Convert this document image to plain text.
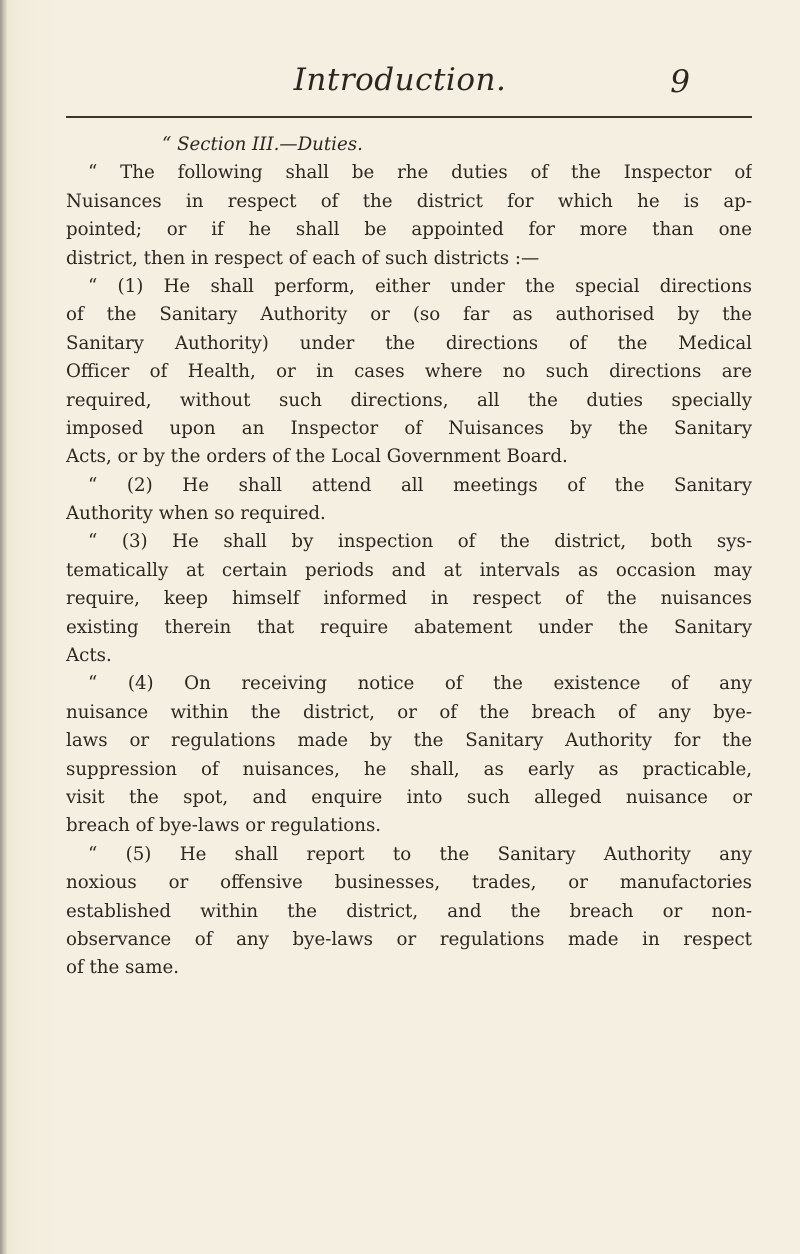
Introduction.	9
“ Section III.—Duties.
“ The following shall be rhe duties of the Inspector of
Nuisances in respect of the district for which he is ap-
pointed; or if he shall be appointed for more than one
district, then in respect of each of such districts :—
“ (1) He shall perform, either under the special directions
of the Sanitary Authority or (so far as authorised by the
Sanitary Authority) under the directions of the Medical
Officer of Health, or in cases where no such directions are
required, without such directions, all the duties specially
imposed upon an Inspector of Nuisances by the Sanitary
Acts, or by the orders of the Local Government Board.
“ (2) He shall attend all meetings of the Sanitary
Authority when so required.
“ (3) He shall by inspection of the district, both sys-
tematically at certain periods and at intervals as occasion may
require, keep himself informed in respect of the nuisances
existing therein that require abatement under the Sanitary
Acts.
“ (4) On receiving notice of the existence of any
nuisance within the district, or of the breach of any bye-
laws or regulations made by the Sanitary Authority for the
suppression of nuisances, he shall, as early as practicable,
visit the spot, and enquire into such alleged nuisance or
breach of bye-laws or regulations.
“ (5) He shall report to the Sanitary Authority any
noxious or offensive businesses, trades, or manufactories
established within the district, and the breach or non-
observance of any bye-laws or regulations made in respect
of the same.
